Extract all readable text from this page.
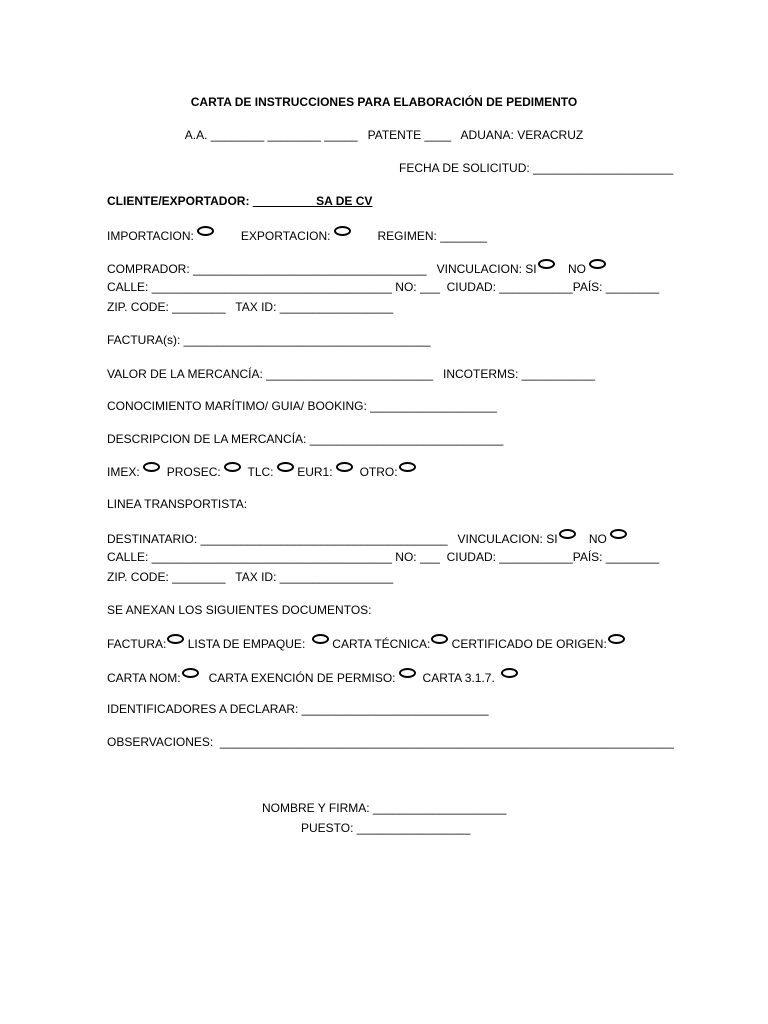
CARTA DE INSTRUCCIONES PARA ELABORACIÓN DE PEDIMENTO
A.A. ________ ________ _____   PATENTE ____   ADUANA: VERACRUZ
FECHA DE SOLICITUD: _____________________
CLIENTE/EXPORTADOR: _________ SA DE CV
IMPORTACION:	EXPORTACION:	REGIMEN: _______
COMPRADOR: ___________________________________ VINCULACION: SI	NO
CALLE: ____________________________________ NO: ___  CIUDAD: ___________PAÍS: ________
ZIP. CODE: ________   TAX ID: _________________
FACTURA(s): _____________________________________
VALOR DE LA MERCANCÍA: _________________________   INCOTERMS: ___________
CONOCIMIENTO MARÍTIMO/ GUIA/ BOOKING: ___________________
DESCRIPCION DE LA MERCANCÍA: _____________________________
IMEX: PROSEC: TLC: EUR1: OTRO:
LINEA TRANSPORTISTA:
DESTINATARIO: _____________________________________ VINCULACION: SI	NO
CALLE: ____________________________________ NO: ___  CIUDAD: ___________PAÍS: ________
ZIP. CODE: ________   TAX ID: _________________
SE ANEXAN LOS SIGUIENTES DOCUMENTOS:
FACTURA: LISTA DE EMPAQUE: CARTA TÉCNICA: CERTIFICADO DE ORIGEN:
CARTA NOM: CARTA EXENCIÓN DE PERMISO: CARTA 3.1.7.
IDENTIFICADORES A DECLARAR: ____________________________
OBSERVACIONES:  ____________________________________________________________________
NOMBRE Y FIRMA: ____________________
PUESTO: _________________
